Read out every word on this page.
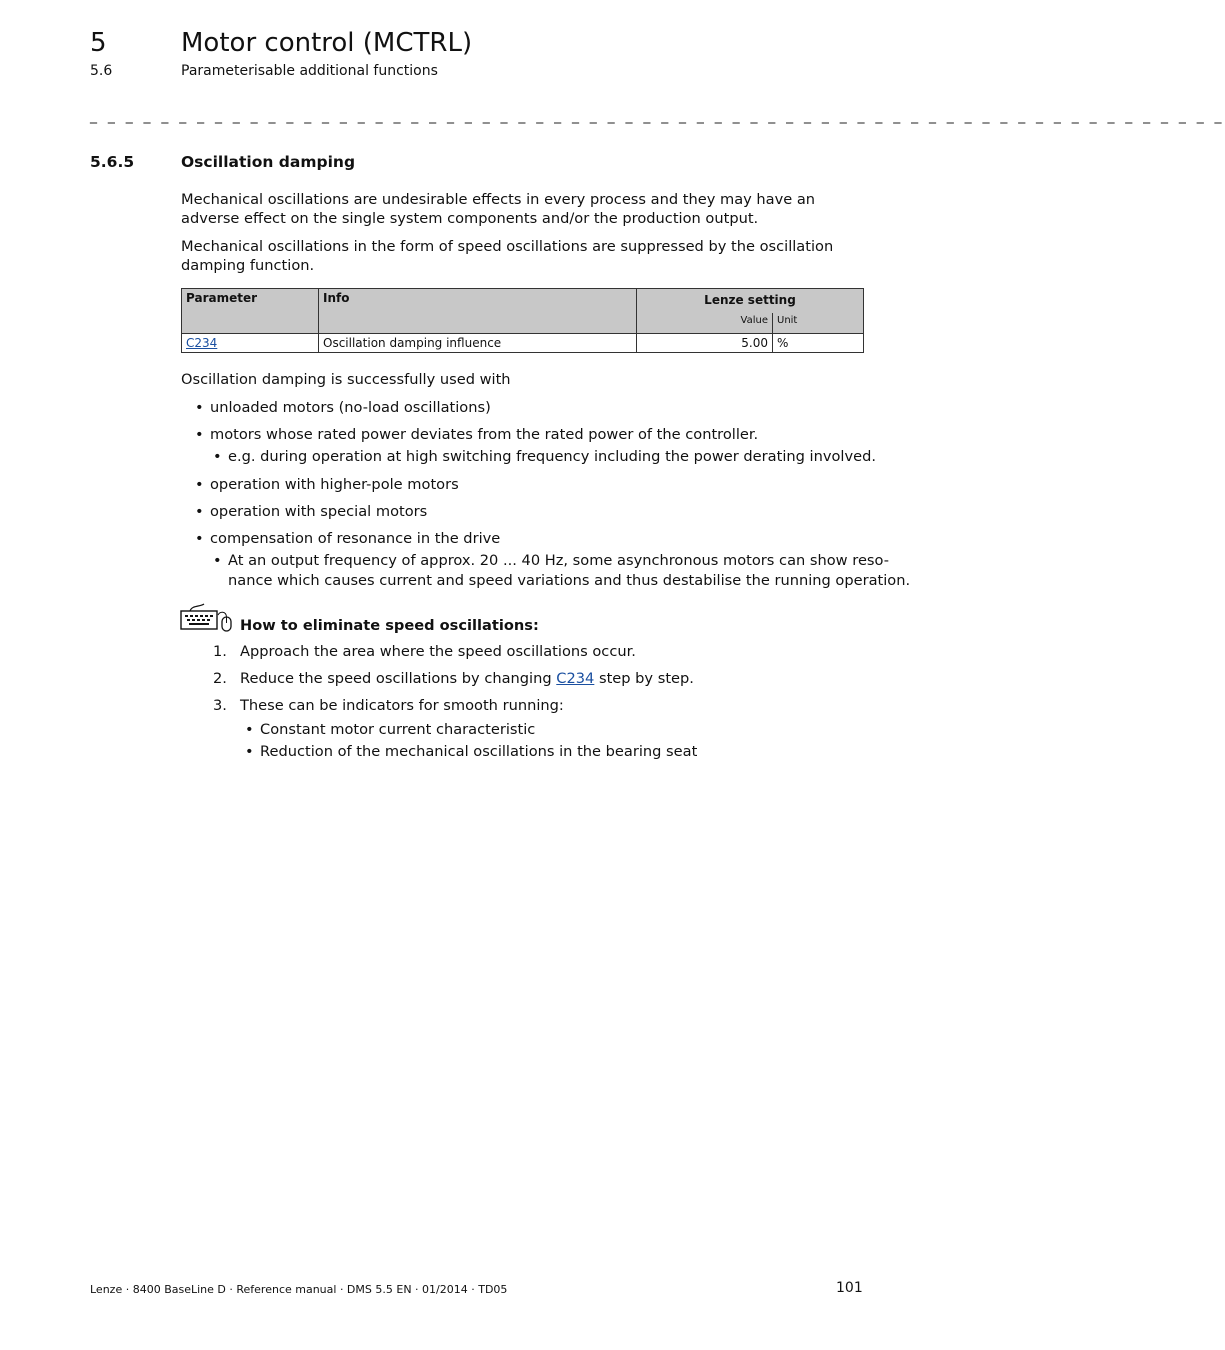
5	Motor control (MCTRL)
5.6	Parameterisable additional functions
_ _ _ _ _ _ _ _ _ _ _ _ _ _ _ _ _ _ _ _ _ _ _ _ _ _ _ _ _ _ _ _ _ _ _ _ _ _ _ _ _ _ _ _ _ _ _ _ _ _ _ _ _ _ _ _ _ _ _ _ _ _ _ _
5.6.5	Oscillation damping
Mechanical oscillations are undesirable effects in every process and they may have an adverse effect on the single system components and/or the production output.
Mechanical oscillations in the form of speed oscillations are suppressed by the oscillation damping function.
Parameter	Info	Lenze setting	
		Value	Unit
C234	Oscillation damping influence	5.00	%
Oscillation damping is successfully used with
• unloaded motors (no-load oscillations)
• motors whose rated power deviates from the rated power of the controller.
• e.g. during operation at high switching frequency including the power derating involved.
• operation with higher-pole motors
• operation with special motors
• compensation of resonance in the drive
• At an output frequency of approx. 20 ... 40 Hz, some asynchronous motors can show reso-
nance which causes current and speed variations and thus destabilise the running operation.
How to eliminate speed oscillations:
1. Approach the area where the speed oscillations occur.
2. Reduce the speed oscillations by changing C234 step by step.
3. These can be indicators for smooth running:
• Constant motor current characteristic
• Reduction of the mechanical oscillations in the bearing seat
Lenze · 8400 BaseLine D · Reference manual · DMS 5.5 EN · 01/2014 · TD05	101
